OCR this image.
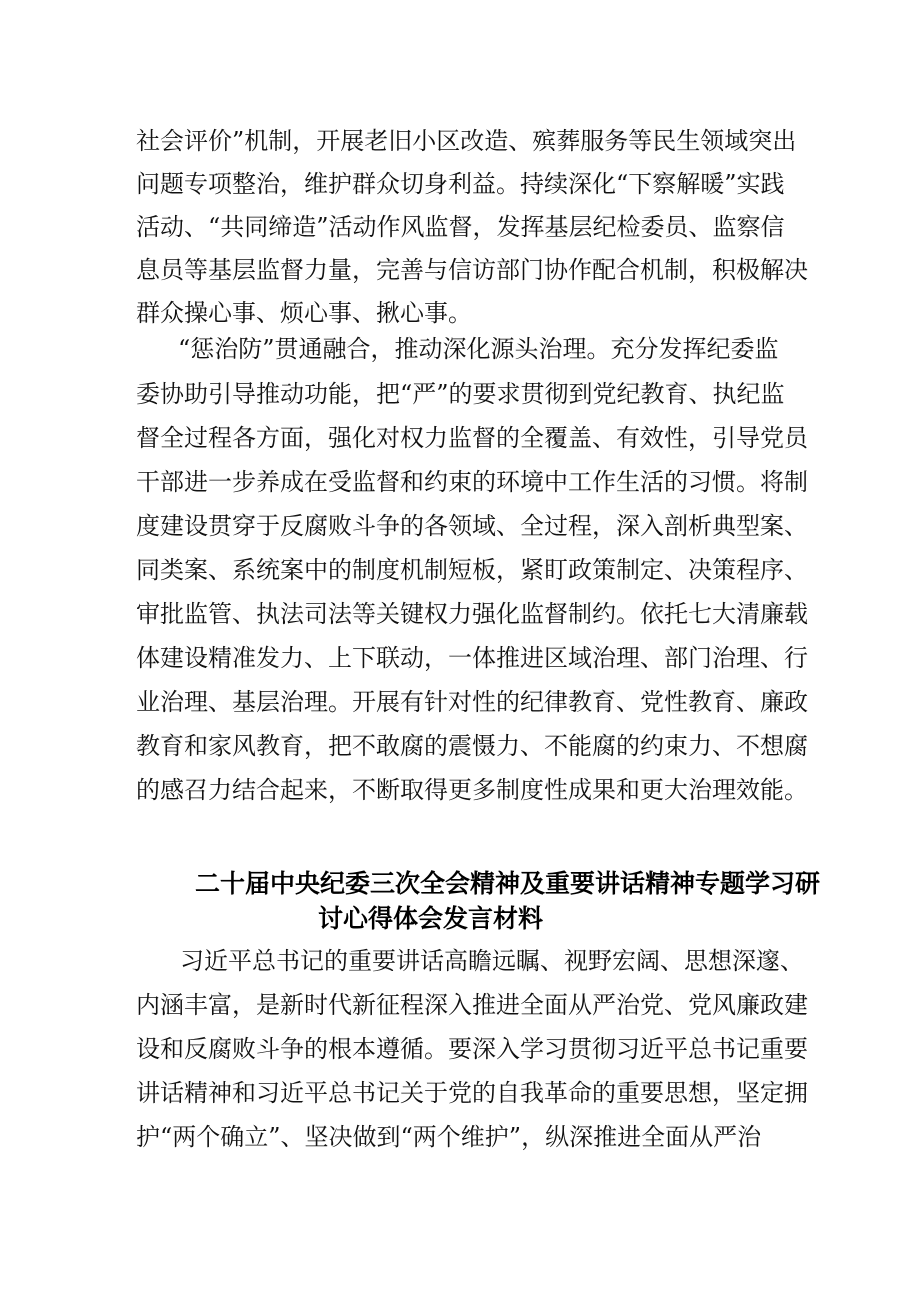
社会评价”机制，开展老旧小区改造、殡葬服务等民生领域突出

问题专项整治，维护群众切身利益。持续深化“下察解暖”实践

活动、“共同缔造”活动作风监督，发挥基层纪检委员、监察信

息员等基层监督力量，完善与信访部门协作配合机制，积极解决

群众操心事、烦心事、揪心事。

“惩治防”贯通融合，推动深化源头治理。充分发挥纪委监

委协助引导推动功能，把“严”的要求贯彻到党纪教育、执纪监

督全过程各方面，强化对权力监督的全覆盖、有效性，引导党员

干部进一步养成在受监督和约束的环境中工作生活的习惯。将制

度建设贯穿于反腐败斗争的各领域、全过程，深入剖析典型案、

同类案、系统案中的制度机制短板，紧盯政策制定、决策程序、

审批监管、执法司法等关键权力强化监督制约。依托七大清廉载

体建设精准发力、上下联动，一体推进区域治理、部门治理、行

业治理、基层治理。开展有针对性的纪律教育、党性教育、廉政

教育和家风教育，把不敢腐的震慑力、不能腐的约束力、不想腐

的感召力结合起来，不断取得更多制度性成果和更大治理效能。

二十届中央纪委三次全会精神及重要讲话精神专题学习研
讨心得体会发言材料

习近平总书记的重要讲话高瞻远瞩、视野宏阔、思想深邃、

内涵丰富，是新时代新征程深入推进全面从严治党、党风廉政建

设和反腐败斗争的根本遵循。要深入学习贯彻习近平总书记重要

讲话精神和习近平总书记关于党的自我革命的重要思想，坚定拥

护“两个确立”、坚决做到“两个维护”，纵深推进全面从严治
